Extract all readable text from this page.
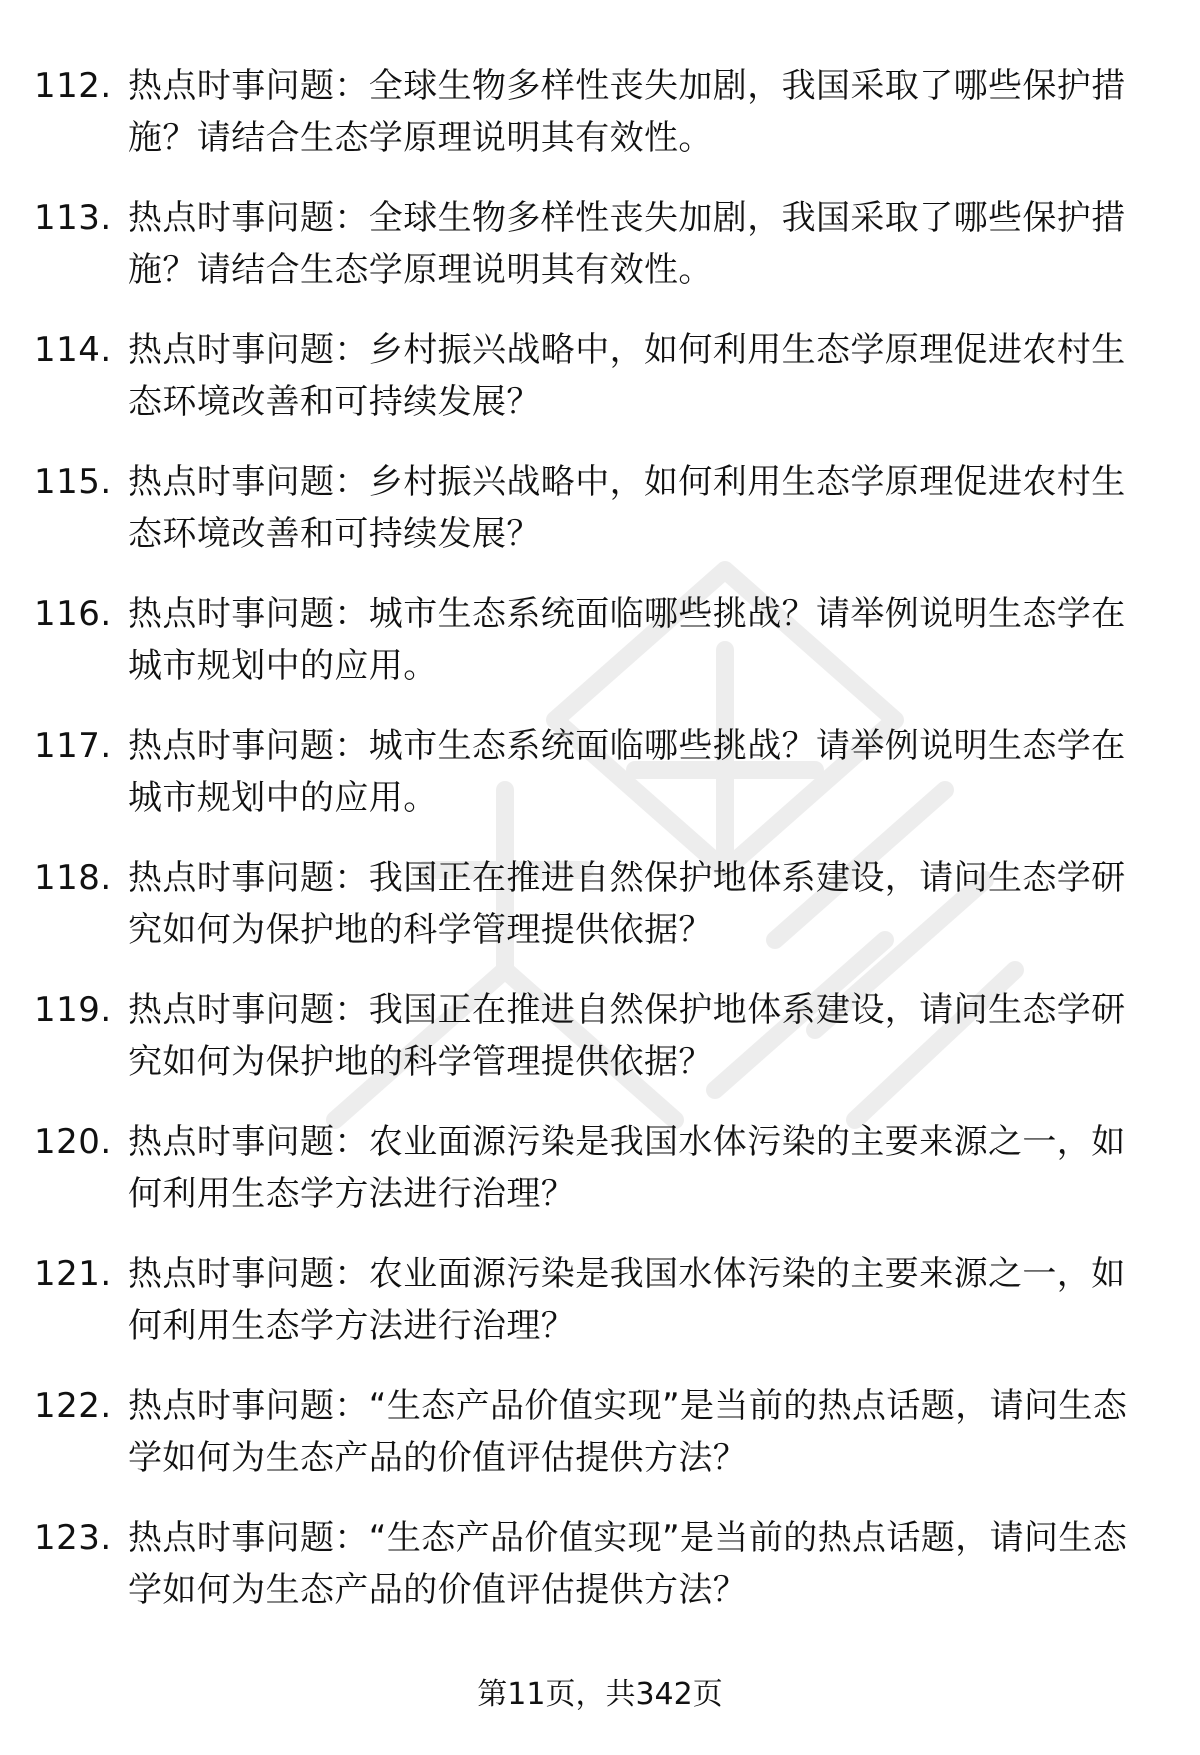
112. 热点时事问题：全球生物多样性丧失加剧，我国采取了哪些保护措施？请结合生态学原理说明其有效性。
113. 热点时事问题：全球生物多样性丧失加剧，我国采取了哪些保护措施？请结合生态学原理说明其有效性。
114. 热点时事问题：乡村振兴战略中，如何利用生态学原理促进农村生态环境改善和可持续发展？
115. 热点时事问题：乡村振兴战略中，如何利用生态学原理促进农村生态环境改善和可持续发展？
116. 热点时事问题：城市生态系统面临哪些挑战？请举例说明生态学在城市规划中的应用。
117. 热点时事问题：城市生态系统面临哪些挑战？请举例说明生态学在城市规划中的应用。
118. 热点时事问题：我国正在推进自然保护地体系建设，请问生态学研究如何为保护地的科学管理提供依据？
119. 热点时事问题：我国正在推进自然保护地体系建设，请问生态学研究如何为保护地的科学管理提供依据？
120. 热点时事问题：农业面源污染是我国水体污染的主要来源之一，如何利用生态学方法进行治理？
121. 热点时事问题：农业面源污染是我国水体污染的主要来源之一，如何利用生态学方法进行治理？
122. 热点时事问题：“生态产品价值实现”是当前的热点话题，请问生态学如何为生态产品的价值评估提供方法？
123. 热点时事问题：“生态产品价值实现”是当前的热点话题，请问生态学如何为生态产品的价值评估提供方法？
第11页，共342页
